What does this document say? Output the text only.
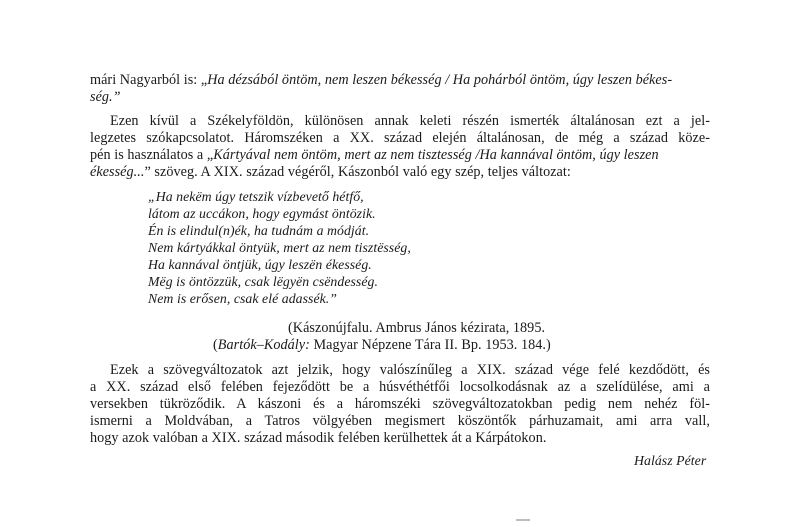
mári Nagyarból is: „Ha dézsából öntöm, nem leszen békesség / Ha pohárból öntöm, úgy leszen békes-
ség.”
Ezen kívül a Székelyföldön, különösen annak keleti részén ismerték általánosan ezt a jel-
legzetes szókapcsolatot. Háromszéken a XX. század elején általánosan, de még a század köze-
pén is használatos a „Kártyával nem öntöm, mert az nem tisztesség /Ha kannával öntöm, úgy leszen
ékesség...” szöveg. A XIX. század végéről, Kászonból való egy szép, teljes változat:
„Ha nekëm úgy tetszik vízbevető hétfő,
látom az uccákon, hogy egymást öntözik.
Én is elindul(n)ék, ha tudnám a módját.
Nem kártyákkal öntyük, mert az nem tisztësség,
Ha kannával öntjük, úgy leszën ékesség.
Mëg is öntözzük, csak lëgyën csëndesség.
Nem is erősen, csak elé adassék.”
(Kászonújfalu. Ambrus János kézirata, 1895.
(Bartók–Kodály: Magyar Népzene Tára II. Bp. 1953. 184.)
Ezek a szövegváltozatok azt jelzik, hogy valószínűleg a XIX. század vége felé kezdődött, és
a XX. század első felében fejeződött be a húsvéthétfői locsolkodásnak az a szelídülése, ami a
versekben tükröződik. A kászoni és a háromszéki szövegváltozatokban pedig nem nehéz föl-
ismerni a Moldvában, a Tatros völgyében megismert köszöntők párhuzamait, ami arra vall,
hogy azok valóban a XIX. század második felében kerülhettek át a Kárpátokon.
Halász Péter
